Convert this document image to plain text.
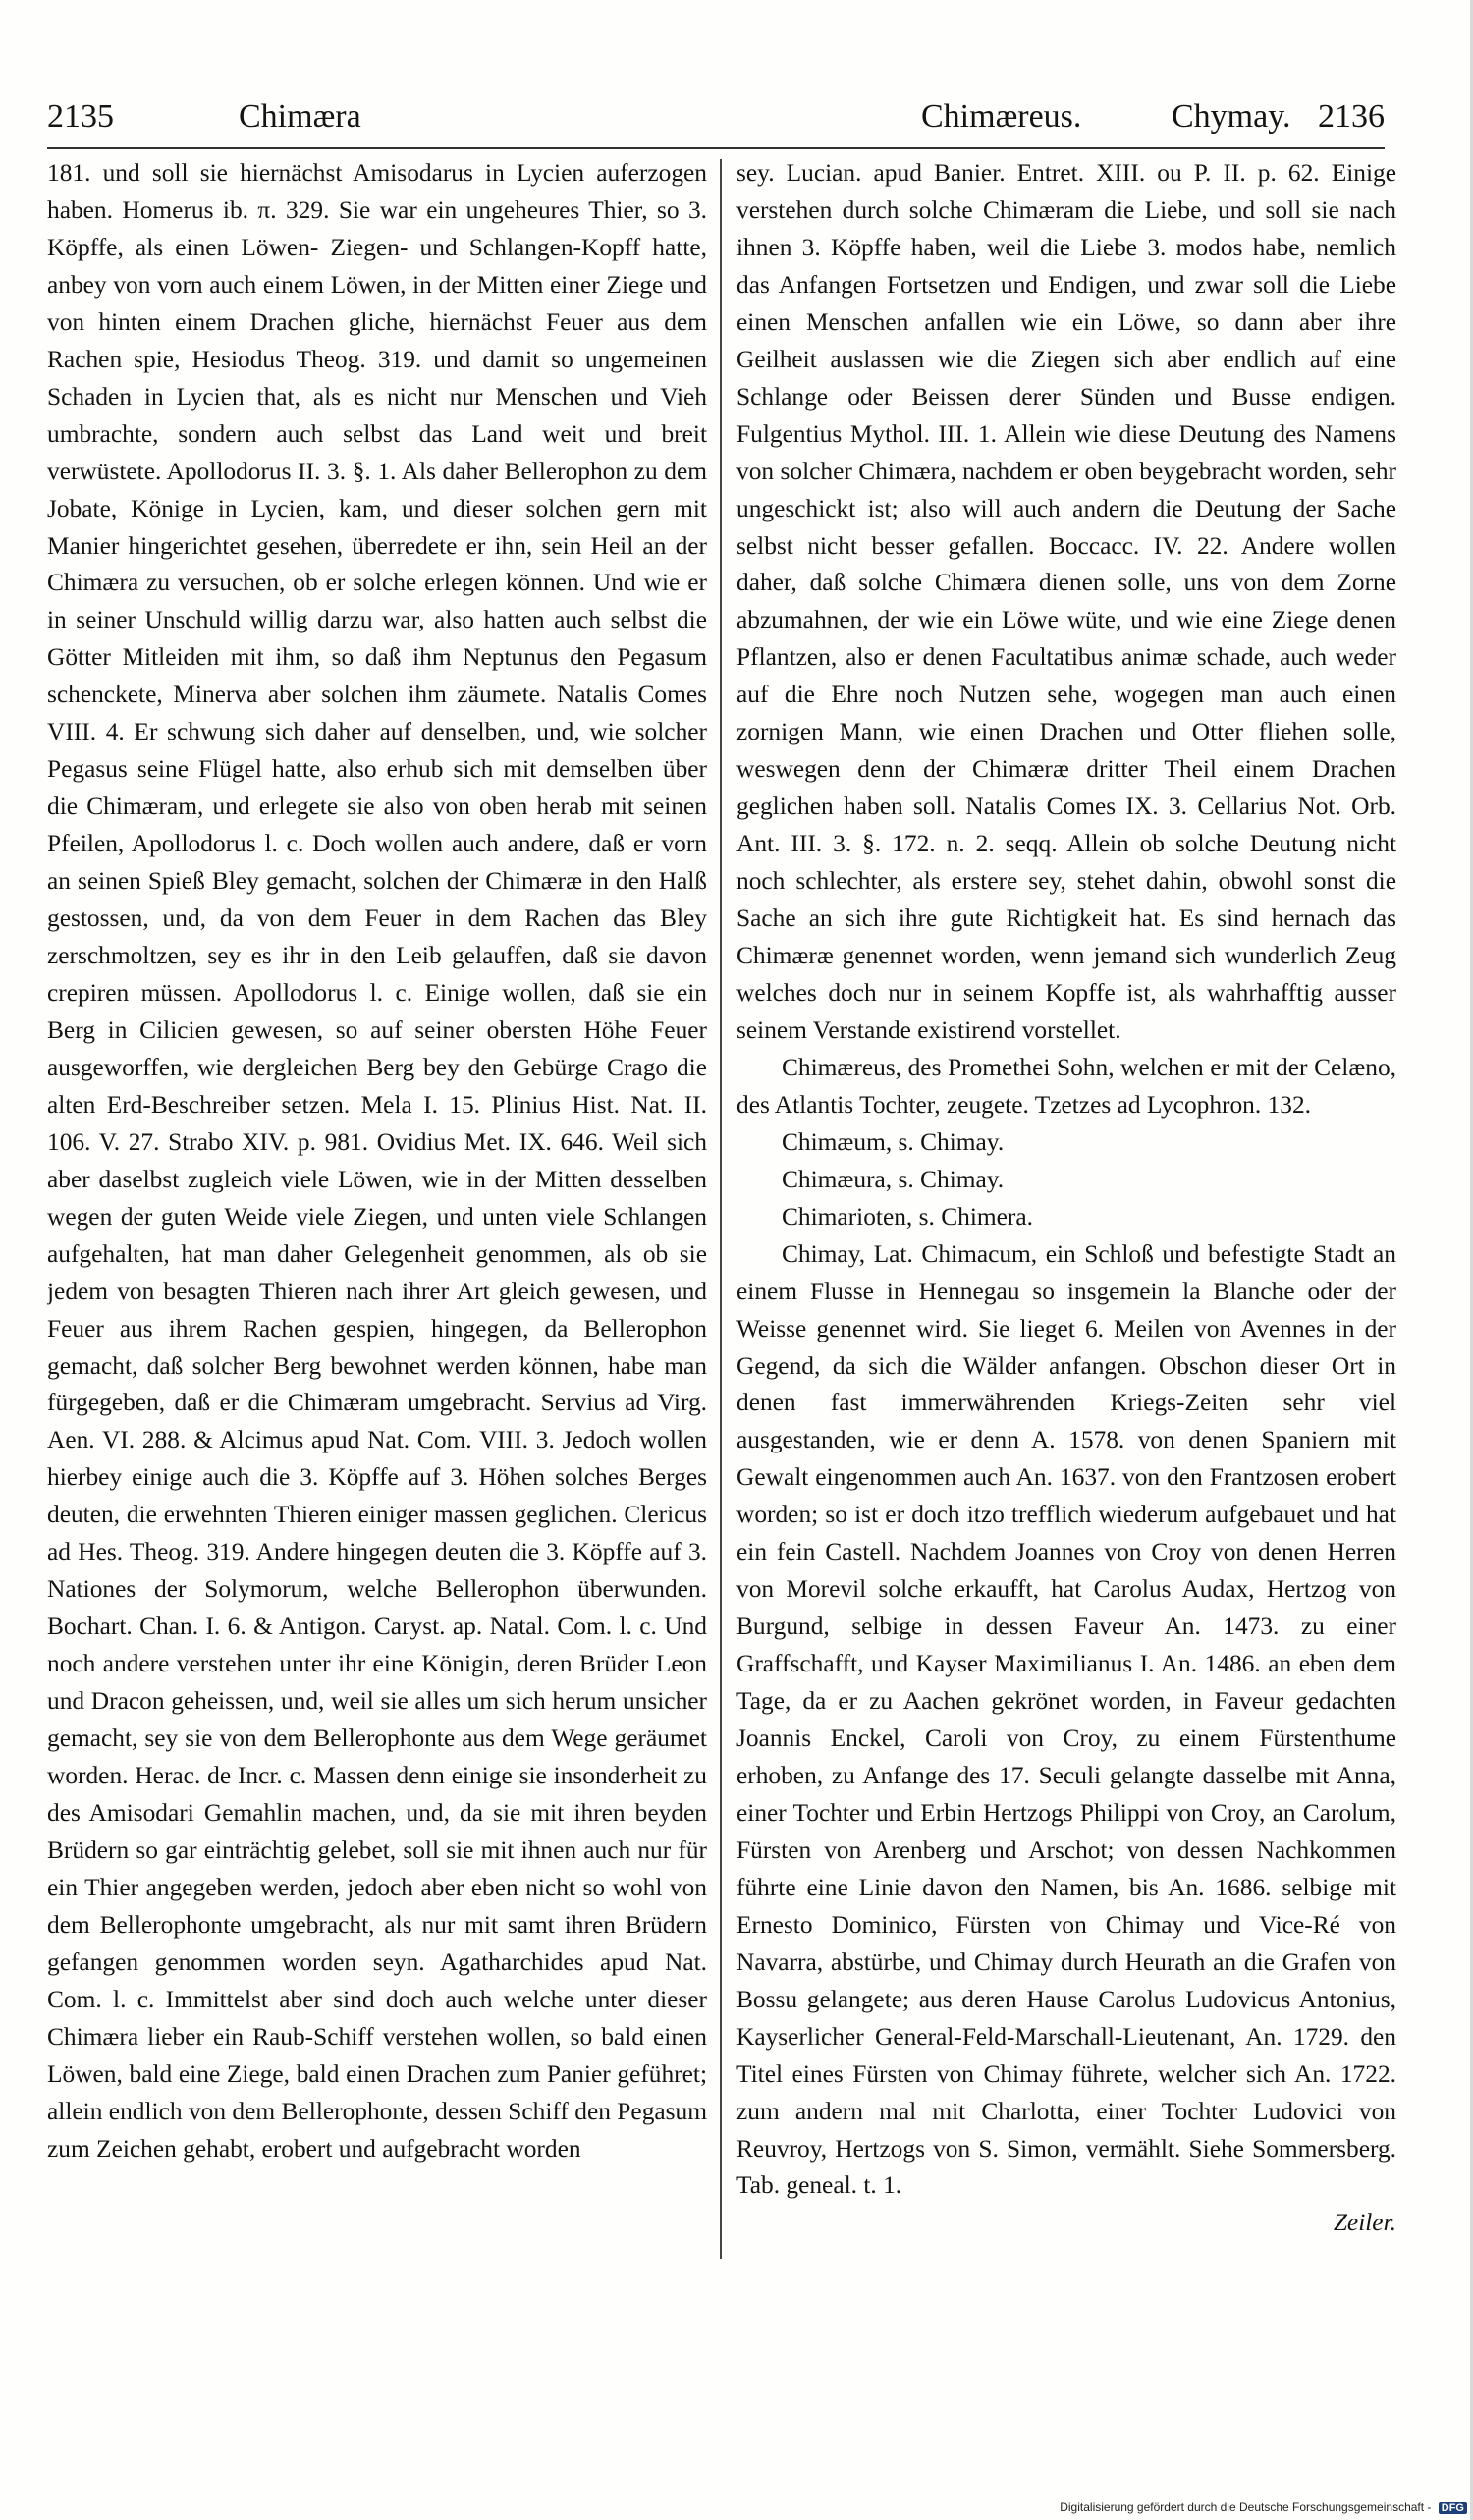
2135	Chimæra	Chimæreus.	Chymay. 2136

181. und soll sie hiernächst Amisodarus in Lycien auferzogen haben. Homerus ib. π. 329. Sie war ein ungeheures Thier, so 3. Köpffe, als einen Löwen- Ziegen- und Schlangen-Kopff hatte, anbey von vorn auch einem Löwen, in der Mitten einer Ziege und von hinten einem Drachen gliche, hiernächst Feuer aus dem Rachen spie, Hesiodus Theog. 319. und damit so ungemeinen Schaden in Lycien that, als es nicht nur Menschen und Vieh umbrachte, sondern auch selbst das Land weit und breit verwüstete. Apollodorus II. 3. §. 1. Als daher Bellerophon zu dem Jobate, Könige in Lycien, kam, und dieser solchen gern mit Manier hingerichtet gesehen, überredete er ihn, sein Heil an der Chimæra zu versuchen, ob er solche erlegen können. Und wie er in seiner Unschuld willig darzu war, also hatten auch selbst die Götter Mitleiden mit ihm, so daß ihm Neptunus den Pegasum schenckete, Minerva aber solchen ihm zäumete. Natalis Comes VIII. 4. Er schwung sich daher auf denselben, und, wie solcher Pegasus seine Flügel hatte, also erhub sich mit demselben über die Chimæram, und erlegete sie also von oben herab mit seinen Pfeilen, Apollodorus l. c. Doch wollen auch andere, daß er vorn an seinen Spieß Bley gemacht, solchen der Chimæræ in den Halß gestossen, und, da von dem Feuer in dem Rachen das Bley zerschmoltzen, sey es ihr in den Leib gelauffen, daß sie davon crepiren müssen. Apollodorus l. c. Einige wollen, daß sie ein Berg in Cilicien gewesen, so auf seiner obersten Höhe Feuer ausgeworffen, wie dergleichen Berg bey den Gebürge Crago die alten Erd-Beschreiber setzen. Mela I. 15. Plinius Hist. Nat. II. 106. V. 27. Strabo XIV. p. 981. Ovidius Met. IX. 646. Weil sich aber daselbst zugleich viele Löwen, wie in der Mitten desselben wegen der guten Weide viele Ziegen, und unten viele Schlangen aufgehalten, hat man daher Gelegenheit genommen, als ob sie jedem von besagten Thieren nach ihrer Art gleich gewesen, und Feuer aus ihrem Rachen gespien, hingegen, da Bellerophon gemacht, daß solcher Berg bewohnet werden können, habe man fürgegeben, daß er die Chimæram umgebracht. Servius ad Virg. Aen. VI. 288. & Alcimus apud Nat. Com. VIII. 3. Jedoch wollen hierbey einige auch die 3. Köpffe auf 3. Höhen solches Berges deuten, die erwehnten Thieren einiger massen geglichen. Clericus ad Hes. Theog. 319. Andere hingegen deuten die 3. Köpffe auf 3. Nationes der Solymorum, welche Bellerophon überwunden. Bochart. Chan. I. 6. & Antigon. Caryst. ap. Natal. Com. l. c. Und noch andere verstehen unter ihr eine Königin, deren Brüder Leon und Dracon geheissen, und, weil sie alles um sich herum unsicher gemacht, sey sie von dem Bellerophonte aus dem Wege geräumet worden. Herac. de Incr. c. Massen denn einige sie insonderheit zu des Amisodari Gemahlin machen, und, da sie mit ihren beyden Brüdern so gar einträchtig gelebet, soll sie mit ihnen auch nur für ein Thier angegeben werden, jedoch aber eben nicht so wohl von dem Bellerophonte umgebracht, als nur mit samt ihren Brüdern gefangen genommen worden seyn. Agatharchides apud Nat. Com. l. c. Immittelst aber sind doch auch welche unter dieser Chimæra lieber ein Raub-Schiff verstehen wollen, so bald einen Löwen, bald eine Ziege, bald einen Drachen zum Panier geführet; allein endlich von dem Bellerophonte, dessen Schiff den Pegasum zum Zeichen gehabt, erobert und aufgebracht worden

sey. Lucian. apud Banier. Entret. XIII. ou P. II. p. 62. Einige verstehen durch solche Chimæram die Liebe, und soll sie nach ihnen 3. Köpffe haben, weil die Liebe 3. modos habe, nemlich das Anfangen Fortsetzen und Endigen, und zwar soll die Liebe einen Menschen anfallen wie ein Löwe, so dann aber ihre Geilheit auslassen wie die Ziegen sich aber endlich auf eine Schlange oder Beissen derer Sünden und Busse endigen. Fulgentius Mythol. III. 1. Allein wie diese Deutung des Namens von solcher Chimæra, nachdem er oben beygebracht worden, sehr ungeschickt ist; also will auch andern die Deutung der Sache selbst nicht besser gefallen. Boccacc. IV. 22. Andere wollen daher, daß solche Chimæra dienen solle, uns von dem Zorne abzumahnen, der wie ein Löwe wüte, und wie eine Ziege denen Pflantzen, also er denen Facultatibus animæ schade, auch weder auf die Ehre noch Nutzen sehe, wogegen man auch einen zornigen Mann, wie einen Drachen und Otter fliehen solle, weswegen denn der Chimæræ dritter Theil einem Drachen geglichen haben soll. Natalis Comes IX. 3. Cellarius Not. Orb. Ant. III. 3. §. 172. n. 2. seqq. Allein ob solche Deutung nicht noch schlechter, als erstere sey, stehet dahin, obwohl sonst die Sache an sich ihre gute Richtigkeit hat. Es sind hernach das Chimæræ genennet worden, wenn jemand sich wunderlich Zeug welches doch nur in seinem Kopffe ist, als wahrhafftig ausser seinem Verstande existirend vorstellet.

Chimæreus, des Promethei Sohn, welchen er mit der Celæno, des Atlantis Tochter, zeugete. Tzetzes ad Lycophron. 132.

Chimæum, s. Chimay.

Chimæura, s. Chimay.

Chimarioten, s. Chimera.

Chimay, Lat. Chimacum, ein Schloß und befestigte Stadt an einem Flusse in Hennegau so insgemein la Blanche oder der Weisse genennet wird. Sie lieget 6. Meilen von Avennes in der Gegend, da sich die Wälder anfangen. Obschon dieser Ort in denen fast immerwährenden Kriegs-Zeiten sehr viel ausgestanden, wie er denn A. 1578. von denen Spaniern mit Gewalt eingenommen auch An. 1637. von den Frantzosen erobert worden; so ist er doch itzo trefflich wiederum aufgebauet und hat ein fein Castell. Nachdem Joannes von Croy von denen Herren von Morevil solche erkaufft, hat Carolus Audax, Hertzog von Burgund, selbige in dessen Faveur An. 1473. zu einer Graffschafft, und Kayser Maximilianus I. An. 1486. an eben dem Tage, da er zu Aachen gekrönet worden, in Faveur gedachten Joannis Enckel, Caroli von Croy, zu einem Fürstenthume erhoben, zu Anfange des 17. Seculi gelangte dasselbe mit Anna, einer Tochter und Erbin Hertzogs Philippi von Croy, an Carolum, Fürsten von Arenberg und Arschot; von dessen Nachkommen führte eine Linie davon den Namen, bis An. 1686. selbige mit Ernesto Dominico, Fürsten von Chimay und Vice-Ré von Navarra, abstürbe, und Chimay durch Heurath an die Grafen von Bossu gelangete; aus deren Hause Carolus Ludovicus Antonius, Kayserlicher General-Feld-Marschall-Lieutenant, An. 1729. den Titel eines Fürsten von Chimay führete, welcher sich An. 1722. zum andern mal mit Charlotta, einer Tochter Ludovici von Reuvroy, Hertzogs von S. Simon, vermählt. Siehe Sommersberg. Tab. geneal. t. 1.

Zeiler.

Digitalisierung gefördert durch die Deutsche Forschungsgemeinschaft - DFG
